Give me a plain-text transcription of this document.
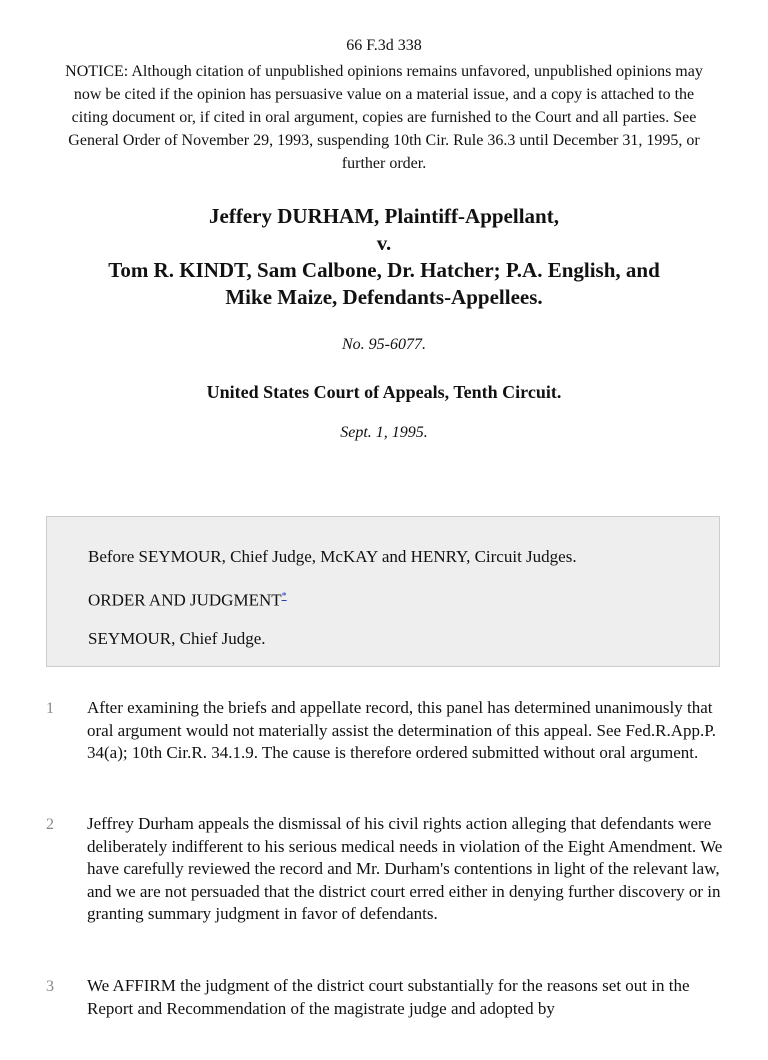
66 F.3d 338
NOTICE: Although citation of unpublished opinions remains unfavored, unpublished opinions may now be cited if the opinion has persuasive value on a material issue, and a copy is attached to the citing document or, if cited in oral argument, copies are furnished to the Court and all parties. See General Order of November 29, 1993, suspending 10th Cir. Rule 36.3 until December 31, 1995, or further order.
Jeffery DURHAM, Plaintiff-Appellant,
v.
Tom R. KINDT, Sam Calbone, Dr. Hatcher; P.A. English, and
Mike Maize, Defendants-Appellees.
No. 95-6077.
United States Court of Appeals, Tenth Circuit.
Sept. 1, 1995.

Before SEYMOUR, Chief Judge, McKAY and HENRY, Circuit Judges.

ORDER AND JUDGMENT*

SEYMOUR, Chief Judge.

1	After examining the briefs and appellate record, this panel has determined unanimously that oral argument would not materially assist the determination of this appeal. See Fed.R.App.P. 34(a); 10th Cir.R. 34.1.9. The cause is therefore ordered submitted without oral argument.
2	Jeffrey Durham appeals the dismissal of his civil rights action alleging that defendants were deliberately indifferent to his serious medical needs in violation of the Eight Amendment. We have carefully reviewed the record and Mr. Durham's contentions in light of the relevant law, and we are not persuaded that the district court erred either in denying further discovery or in granting summary judgment in favor of defendants.
3	We AFFIRM the judgment of the district court substantially for the reasons set out in the Report and Recommendation of the magistrate judge and adopted by
